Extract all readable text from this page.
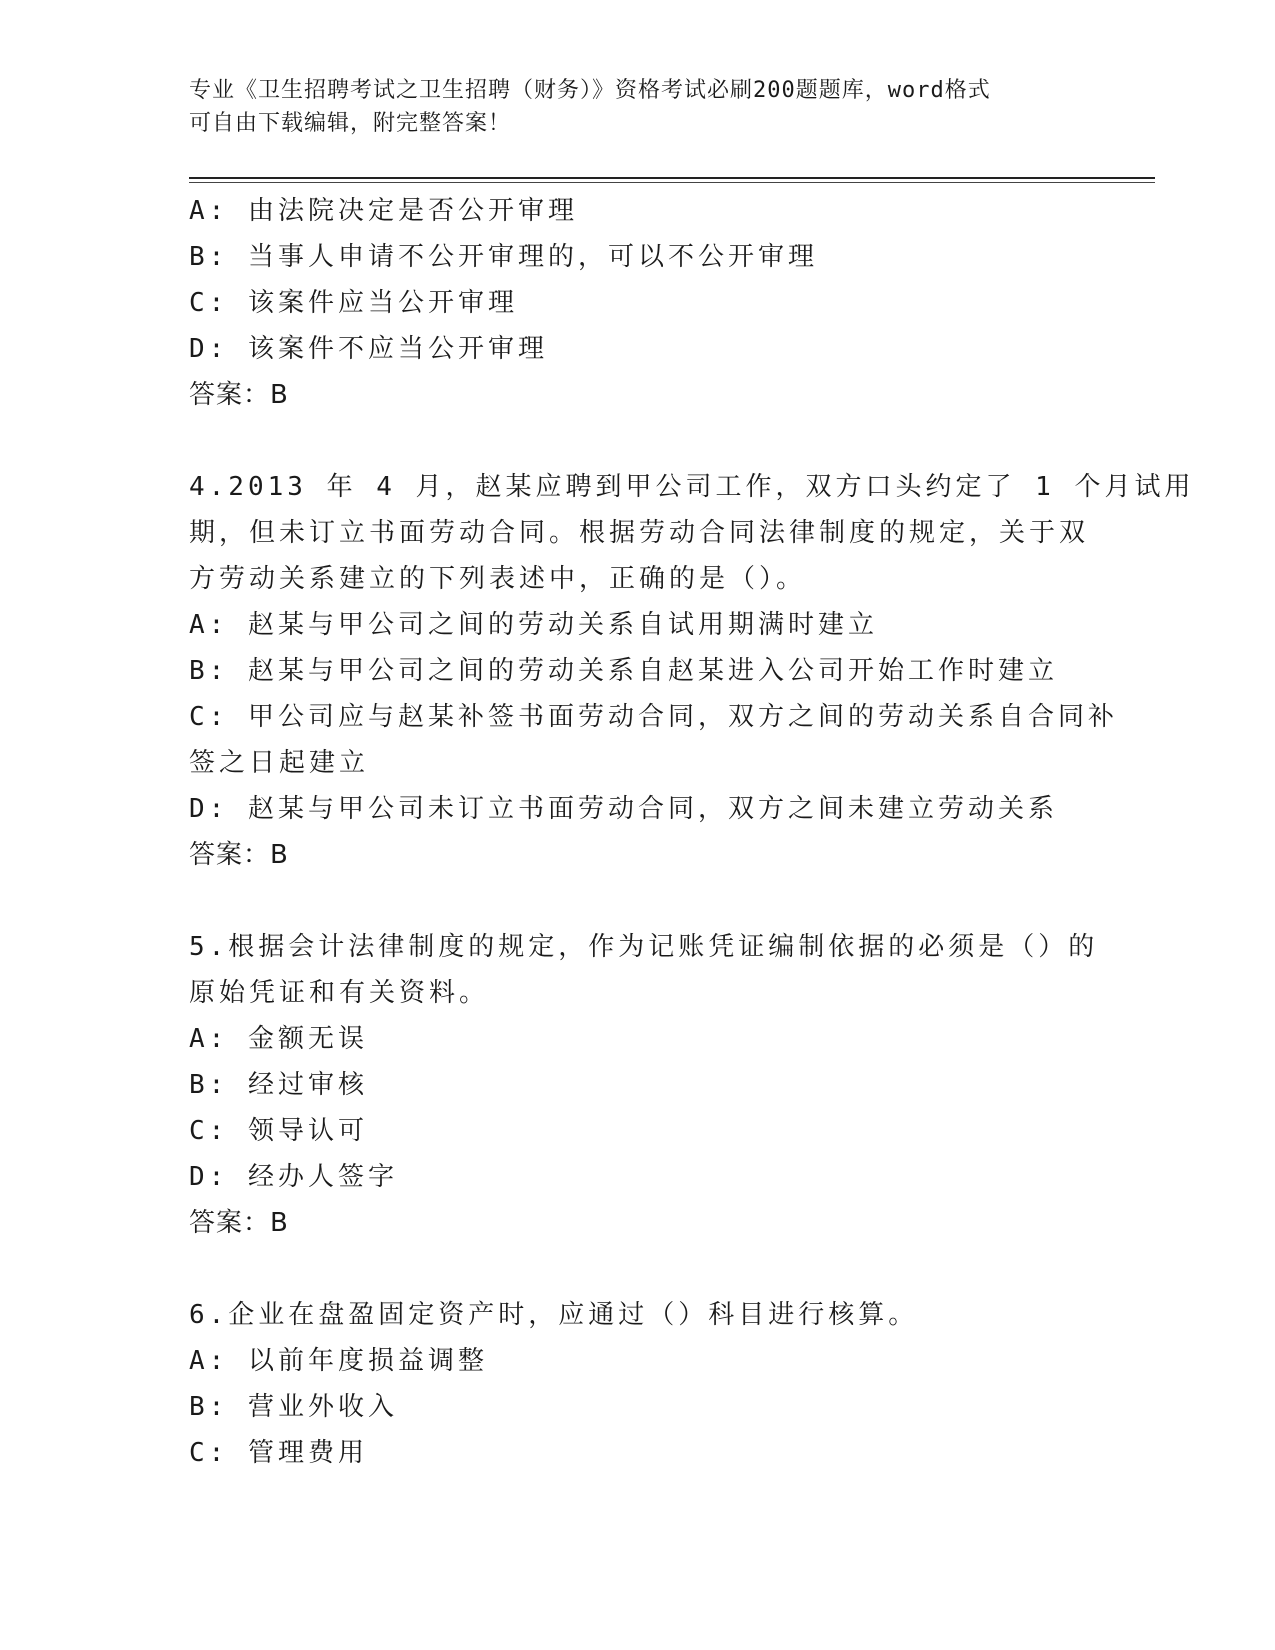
专业《卫生招聘考试之卫生招聘（财务）》资格考试必刷200题题库，word格式
可自由下载编辑，附完整答案！
A: 由法院决定是否公开审理
B: 当事人申请不公开审理的，可以不公开审理
C: 该案件应当公开审理
D: 该案件不应当公开审理
答案：B
4.2013 年 4 月，赵某应聘到甲公司工作，双方口头约定了 1 个月试用
期，但未订立书面劳动合同。根据劳动合同法律制度的规定，关于双
方劳动关系建立的下列表述中，正确的是（）。
A: 赵某与甲公司之间的劳动关系自试用期满时建立
B: 赵某与甲公司之间的劳动关系自赵某进入公司开始工作时建立
C: 甲公司应与赵某补签书面劳动合同，双方之间的劳动关系自合同补
签之日起建立
D: 赵某与甲公司未订立书面劳动合同，双方之间未建立劳动关系
答案：B
5.根据会计法律制度的规定，作为记账凭证编制依据的必须是（）的
原始凭证和有关资料。
A: 金额无误
B: 经过审核
C: 领导认可
D: 经办人签字
答案：B
6.企业在盘盈固定资产时，应通过（）科目进行核算。
A: 以前年度损益调整
B: 营业外收入
C: 管理费用
